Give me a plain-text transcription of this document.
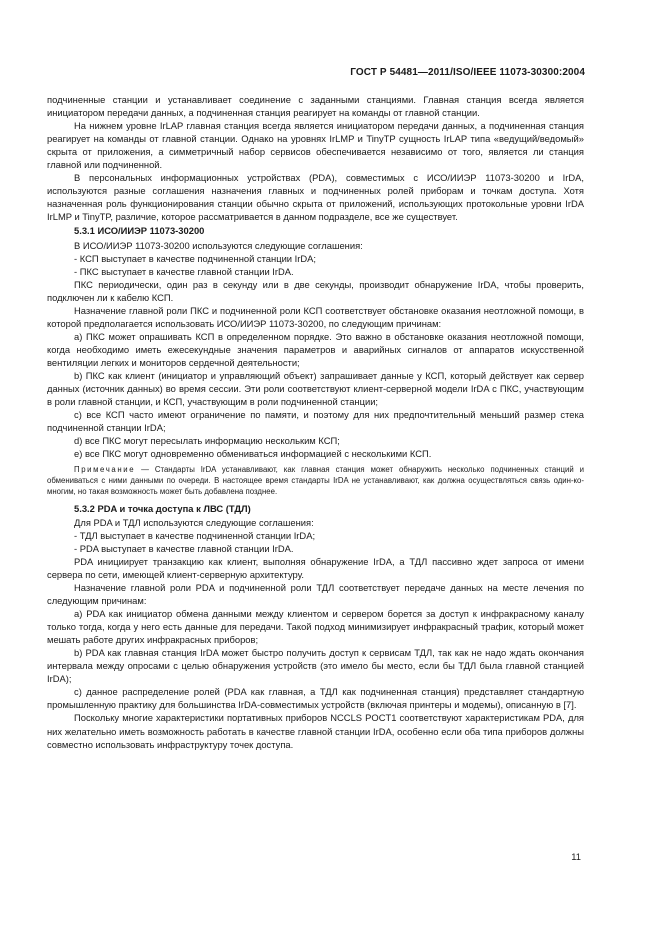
ГОСТ Р 54481—2011/ISO/IEEE 11073-30300:2004

подчиненные станции и устанавливает соединение с заданными станциями. Главная станция всегда является инициатором передачи данных, а подчиненная станция реагирует на команды от главной станции.

На нижнем уровне IrLAP главная станция всегда является инициатором передачи данных, а подчиненная станция реагирует на команды от главной станции. Однако на уровнях IrLMP и TinyTP сущность IrLAP типа «ведущий/ведомый» скрыта от приложения, а симметричный набор сервисов обеспечивается независимо от того, является ли станция главной или подчиненной.

В персональных информационных устройствах (PDA), совместимых с ИСО/ИИЭР 11073-30200 и IrDA, используются разные соглашения назначения главных и подчиненных ролей приборам и точкам доступа. Хотя назначенная роль функционирования станции обычно скрыта от приложений, использующих протокольные уровни IrDA IrLMP и TinyTP, различие, которое рассматривается в данном подразделе, все же существует.

5.3.1 ИСО/ИИЭР 11073-30200

В ИСО/ИИЭР 11073-30200 используются следующие соглашения:

- КСП выступает в качестве подчиненной станции IrDA;

- ПКС выступает в качестве главной станции IrDA.

ПКС периодически, один раз в секунду или в две секунды, производит обнаружение IrDA, чтобы проверить, подключен ли к кабелю КСП.

Назначение главной роли ПКС и подчиненной роли КСП соответствует обстановке оказания неотложной помощи, в которой предполагается использовать ИСО/ИИЭР 11073-30200, по следующим причинам:

а) ПКС может опрашивать КСП в определенном порядке. Это важно в обстановке оказания неотложной помощи, когда необходимо иметь ежесекундные значения параметров и аварийных сигналов от аппаратов искусственной вентиляции легких и мониторов сердечной деятельности;

b) ПКС как клиент (инициатор и управляющий объект) запрашивает данные у КСП, который действует как сервер данных (источник данных) во время сессии. Эти роли соответствуют клиент-серверной модели IrDA с ПКС, участвующим в роли главной станции, и КСП, участвующим в роли подчиненной станции;

с) все КСП часто имеют ограничение по памяти, и поэтому для них предпочтительный меньший размер стека подчиненной станции IrDA;

d) все ПКС могут пересылать информацию нескольким КСП;

е) все ПКС могут одновременно обмениваться информацией с несколькими КСП.

Примечание — Стандарты IrDA устанавливают, как главная станция может обнаружить несколько подчиненных станций и обмениваться с ними данными по очереди. В настоящее время стандарты IrDA не устанавливают, как должна осуществляться связь один-ко-многим, но такая возможность может быть добавлена позднее.

5.3.2 PDA и точка доступа к ЛВС (ТДЛ)

Для PDA и ТДЛ используются следующие соглашения:

- ТДЛ выступает в качестве подчиненной станции IrDA;

- PDA выступает в качестве главной станции IrDA.

PDA инициирует транзакцию как клиент, выполняя обнаружение IrDA, а ТДЛ пассивно ждет запроса от имени сервера по сети, имеющей клиент-серверную архитектуру.

Назначение главной роли PDA и подчиненной роли ТДЛ соответствует передаче данных на месте лечения по следующим причинам:

а) PDA как инициатор обмена данными между клиентом и сервером борется за доступ к инфракрасному каналу только тогда, когда у него есть данные для передачи. Такой подход минимизирует инфракрасный трафик, который может мешать работе других инфракрасных приборов;

b) PDA как главная станция IrDA может быстро получить доступ к сервисам ТДЛ, так как не надо ждать окончания интервала между опросами с целью обнаружения устройств (это имело бы место, если бы ТДЛ была главной станцией IrDA);

с) данное распределение ролей (PDA как главная, а ТДЛ как подчиненная станция) представляет стандартную промышленную практику для большинства IrDA-совместимых устройств (включая принтеры и модемы), описанную в [7].

Поскольку многие характеристики портативных приборов NCCLS POCT1 соответствуют характеристикам PDA, для них желательно иметь возможность работать в качестве главной станции IrDA, особенно если оба типа приборов должны совместно использовать инфраструктуру точек доступа.

11
